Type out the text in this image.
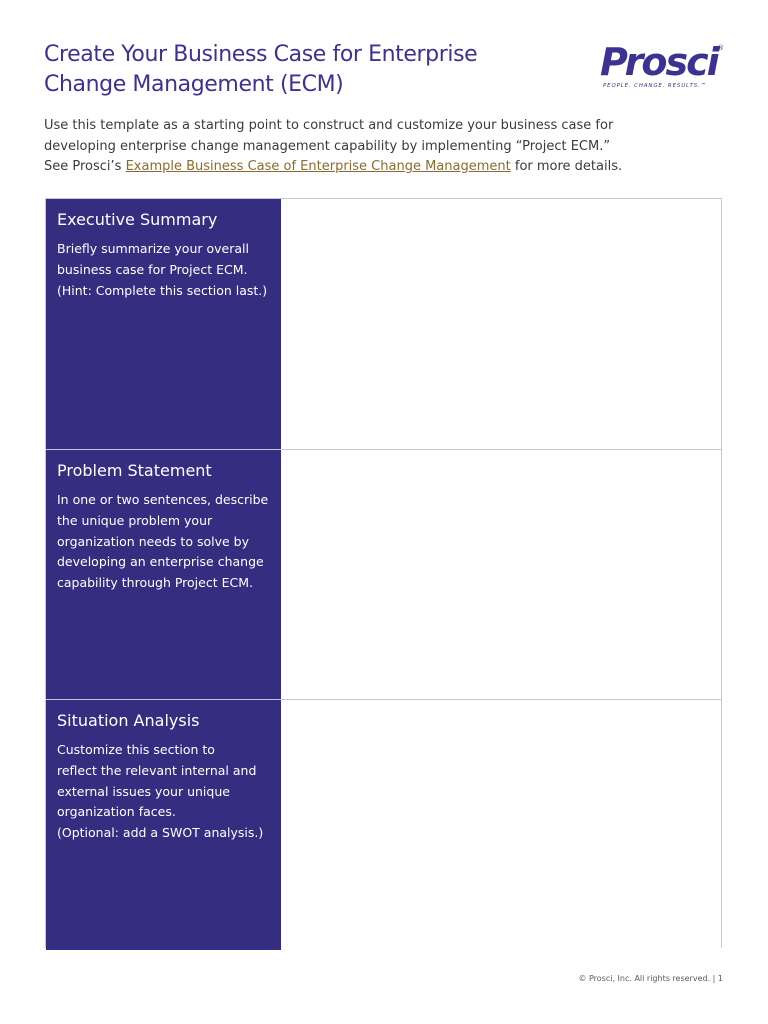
Create Your Business Case for Enterprise
Change Management (ECM)
Prosci ®
PEOPLE. CHANGE. RESULTS.™

Use this template as a starting point to construct and customize your business case for
developing enterprise change management capability by implementing “Project ECM.”
See Prosci’s Example Business Case of Enterprise Change Management for more details.

Executive Summary
Briefly summarize your overall
business case for Project ECM.
(Hint: Complete this section last.)
Problem Statement
In one or two sentences, describe
the unique problem your
organization needs to solve by
developing an enterprise change
capability through Project ECM.
Situation Analysis
Customize this section to
reflect the relevant internal and
external issues your unique
organization faces.
(Optional: add a SWOT analysis.)
© Prosci, Inc. All rights reserved. | 1
